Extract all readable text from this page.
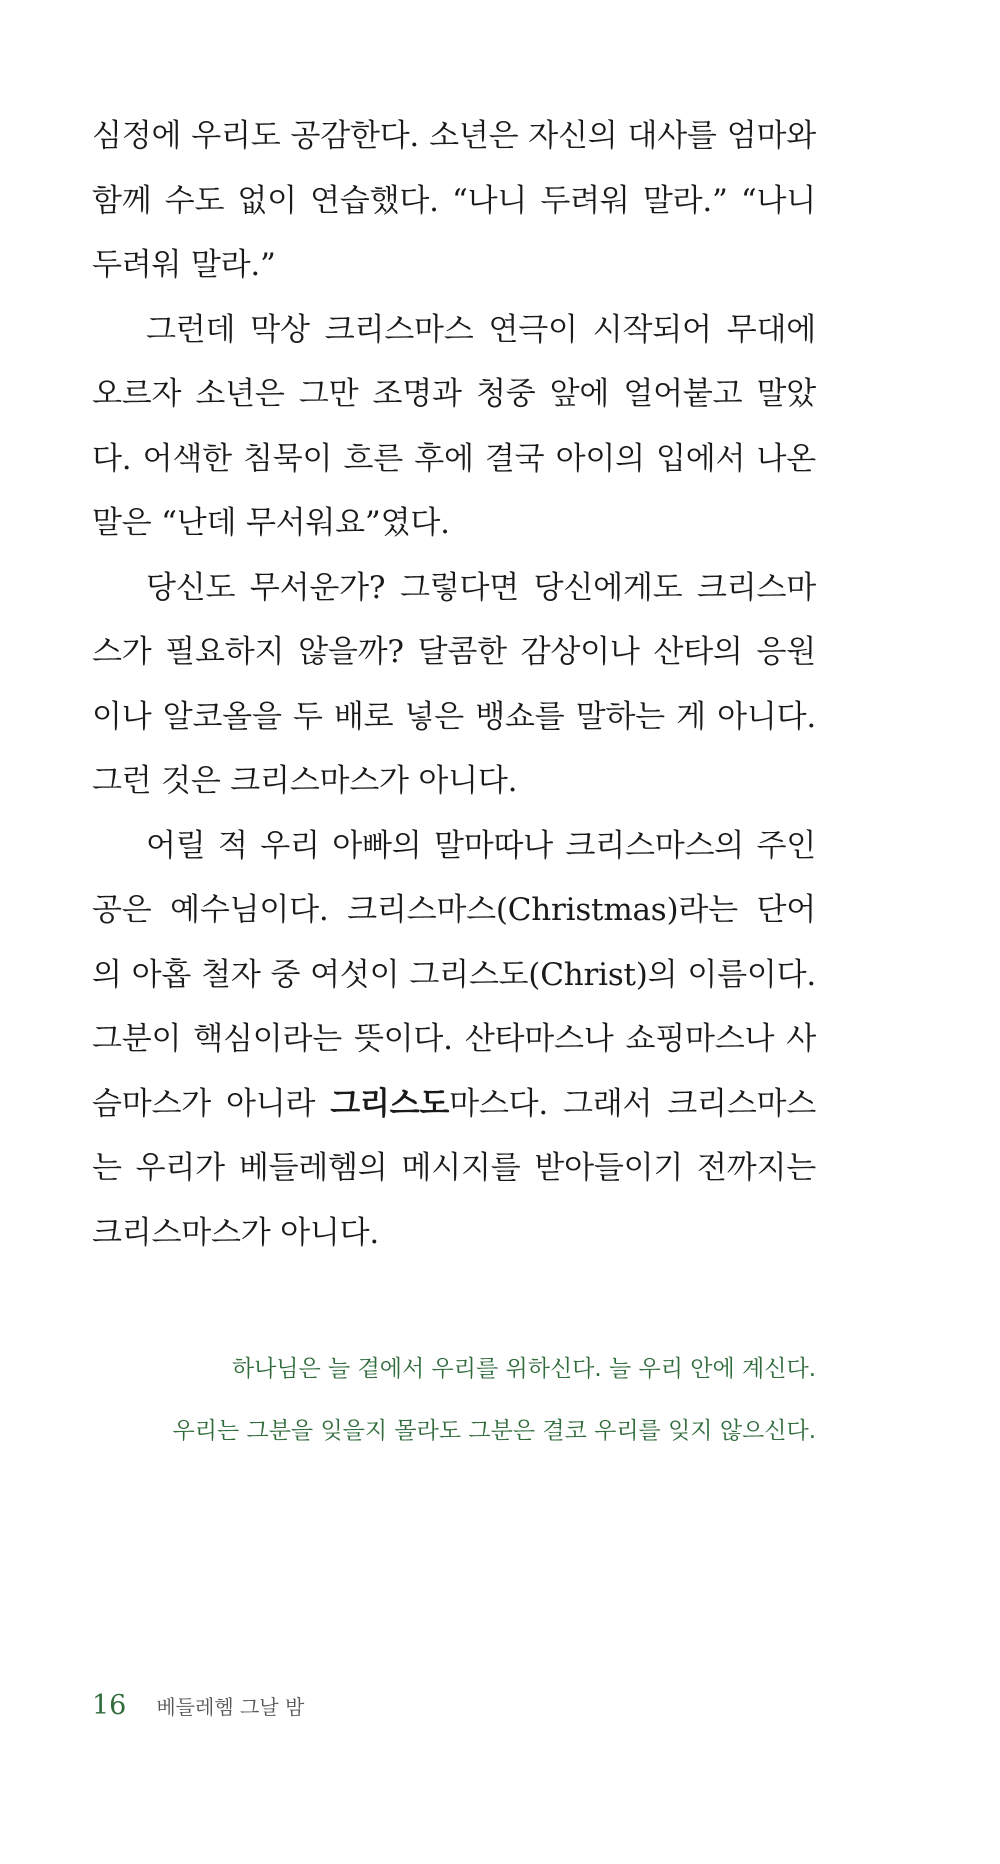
심정에 우리도 공감한다. 소년은 자신의 대사를 엄마와 함께 수도 없이 연습했다. “나니 두려워 말라.” “나니 두려워 말라.”

그런데 막상 크리스마스 연극이 시작되어 무대에 오르자 소년은 그만 조명과 청중 앞에 얼어붙고 말았다. 어색한 침묵이 흐른 후에 결국 아이의 입에서 나온 말은 “난데 무서워요”였다.

당신도 무서운가? 그렇다면 당신에게도 크리스마스가 필요하지 않을까? 달콤한 감상이나 산타의 응원이나 알코올을 두 배로 넣은 뱅쇼를 말하는 게 아니다. 그런 것은 크리스마스가 아니다.

어릴 적 우리 아빠의 말마따나 크리스마스의 주인공은 예수님이다. 크리스마스(Christmas)라는 단어의 아홉 철자 중 여섯이 그리스도(Christ)의 이름이다. 그분이 핵심이라는 뜻이다. 산타마스나 쇼핑마스나 사슴마스가 아니라 그리스도마스다. 그래서 크리스마스는 우리가 베들레헴의 메시지를 받아들이기 전까지는 크리스마스가 아니다.

하나님은 늘 곁에서 우리를 위하신다. 늘 우리 안에 계신다.
우리는 그분을 잊을지 몰라도 그분은 결코 우리를 잊지 않으신다.
16 베들레헴 그날 밤
